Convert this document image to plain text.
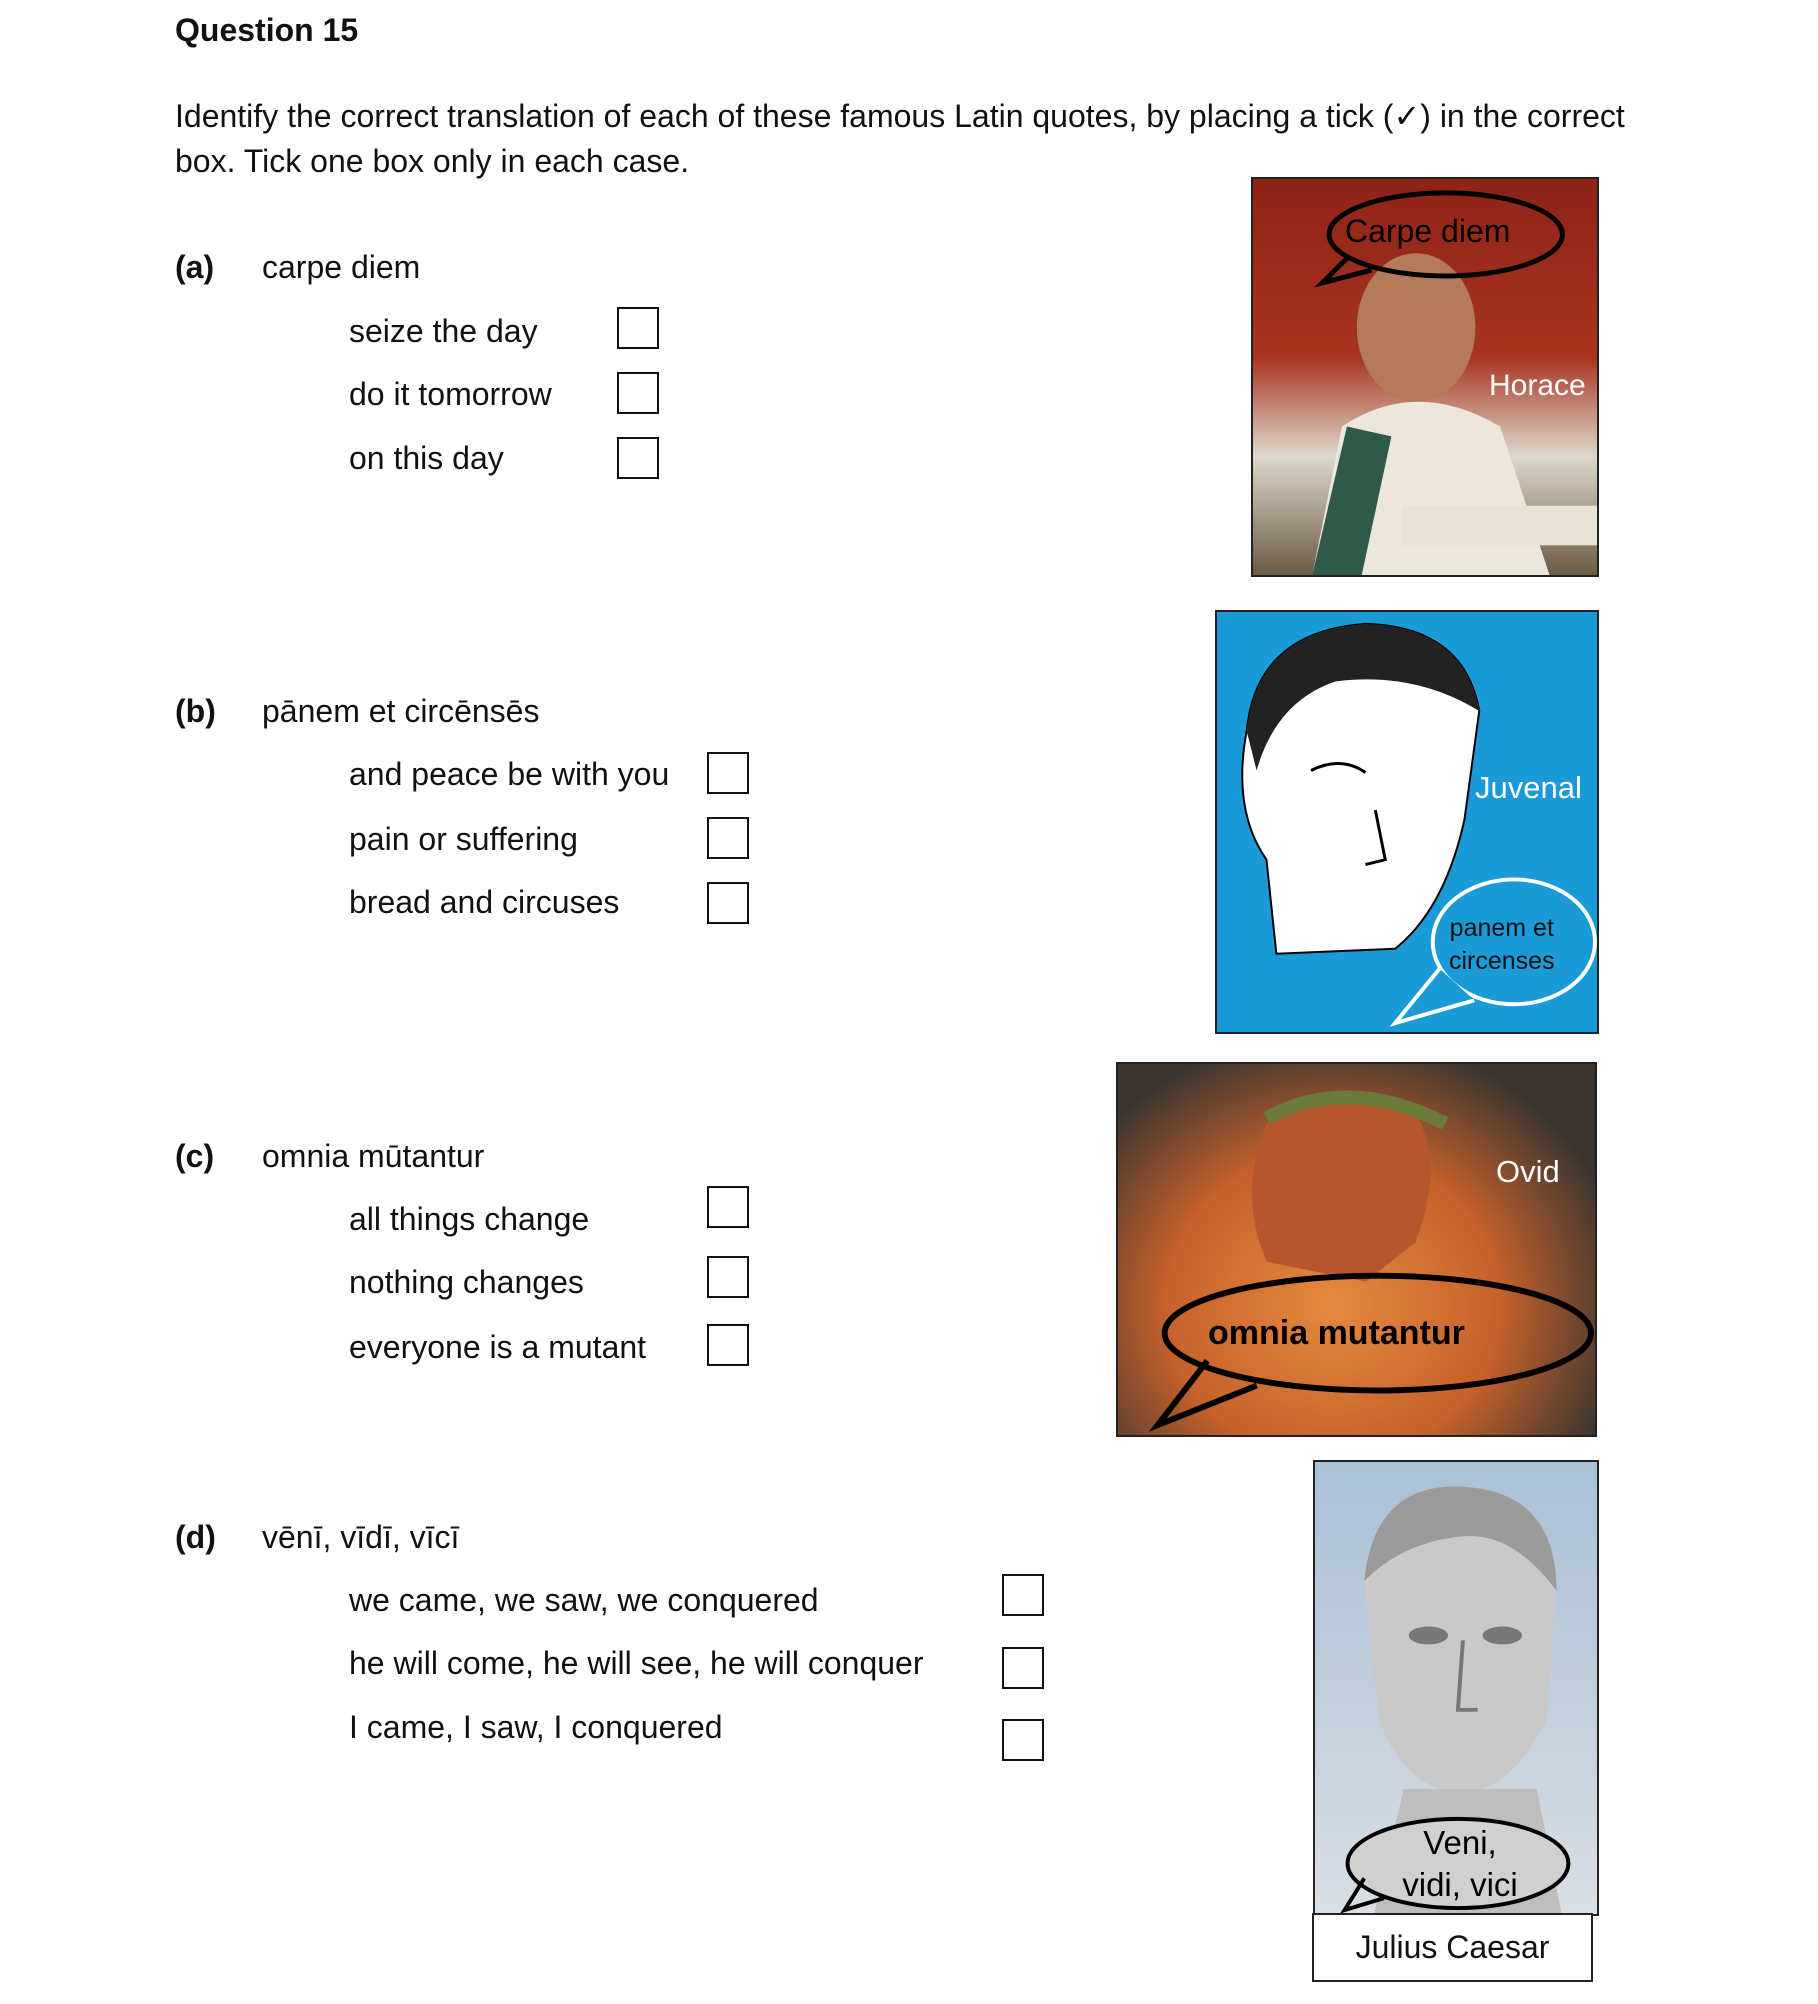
Question 15
Identify the correct translation of each of these famous Latin quotes, by placing a tick (✓) in the correct box. Tick one box only in each case.
(a) carpe diem
seize the day
do it tomorrow
on this day
Carpe diem
Horace
(b) pānem et circēnsēs
and peace be with you
pain or suffering
bread and circuses
panem et
circenses
Juvenal
(c) omnia mūtantur
all things change
nothing changes
everyone is a mutant	omnia mutantur
Ovid
(d) vēnī, vīdī, vīcī
we came, we saw, we conquered
he will come, he will see, he will conquer
I came, I saw, I conquered
Veni,
vidi, vici
Julius Caesar
